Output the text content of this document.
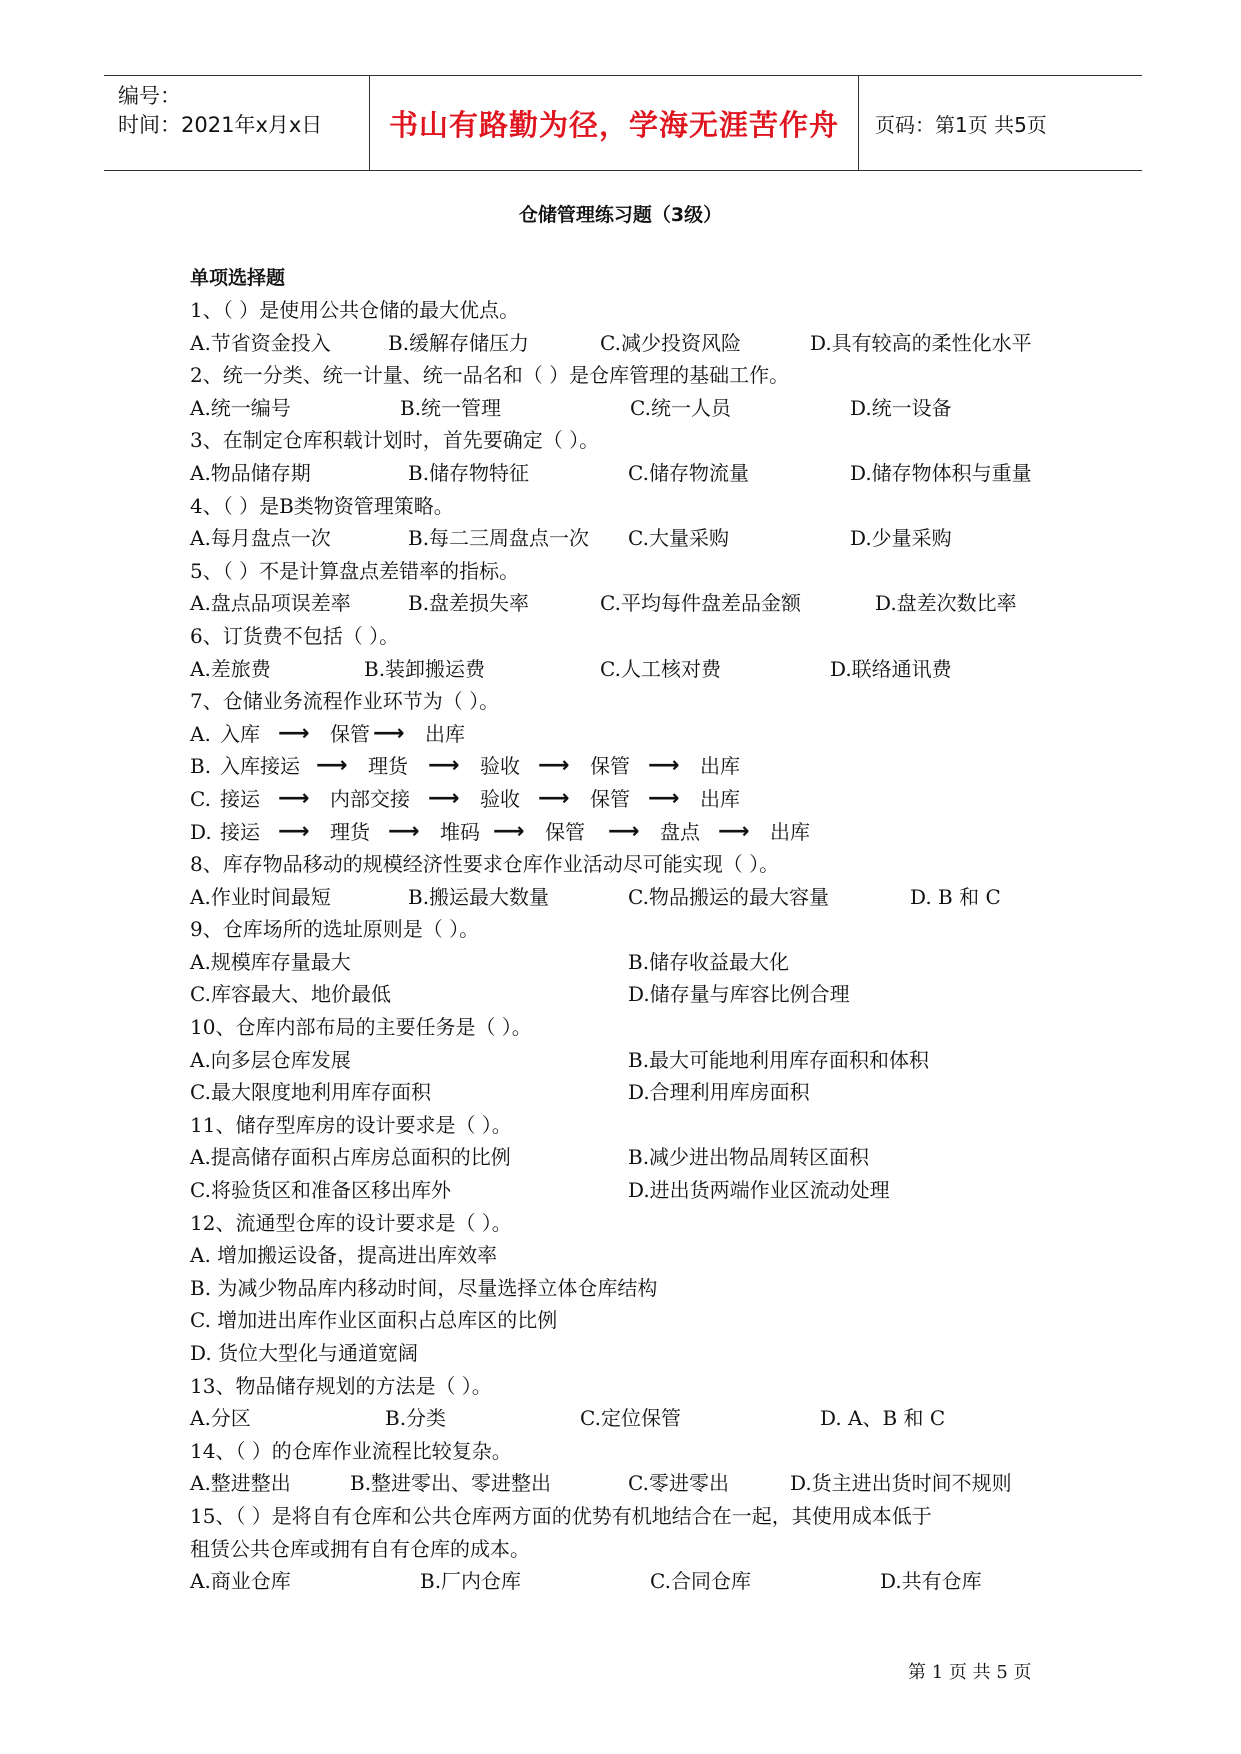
编号：
时间：2021年x月x日 书山有路勤为径，学海无涯苦作舟 页码：第1页 共5页
仓储管理练习题（3级）
单项选择题
1、（ ）是使用公共仓储的最大优点。
A.节省资金投入	B.缓解存储压力	C.减少投资风险	D.具有较高的柔性化水平
2、统一分类、统一计量、统一品名和（ ）是仓库管理的基础工作。
A.统一编号	B.统一管理	C.统一人员	D.统一设备
3、在制定仓库积载计划时，首先要确定（ ）。
A.物品储存期	B.储存物特征	C.储存物流量	D.储存物体积与重量
4、（ ）是B类物资管理策略。
A.每月盘点一次	B.每二三周盘点一次 C.大量采购	D.少量采购
5、（ ）不是计算盘点差错率的指标。
A.盘点品项误差率	B.盘差损失率	C.平均每件盘差品金额	D.盘差次数比率
6、订货费不包括（ ）。
A.差旅费	B.装卸搬运费	C.人工核对费	D.联络通讯费
7、仓储业务流程作业环节为（ ）。
A. 入库 ⟶ 保管 ⟶ 出库
B. 入库接运 ⟶ 理货 ⟶ 验收 ⟶ 保管 ⟶ 出库
C. 接运 ⟶ 内部交接 ⟶ 验收 ⟶ 保管 ⟶ 出库
D. 接运 ⟶ 理货 ⟶ 堆码 ⟶ 保管 ⟶ 盘点 ⟶ 出库
8、库存物品移动的规模经济性要求仓库作业活动尽可能实现（ ）。
A.作业时间最短	B.搬运最大数量	C.物品搬运的最大容量	D. B 和 C
9、仓库场所的选址原则是（ ）。
A.规模库存量最大	B.储存收益最大化
C.库容最大、地价最低	D.储存量与库容比例合理
10、仓库内部布局的主要任务是（ ）。
A.向多层仓库发展	B.最大可能地利用库存面积和体积
C.最大限度地利用库存面积	D.合理利用库房面积
11、储存型库房的设计要求是（ ）。
A.提高储存面积占库房总面积的比例	B.减少进出物品周转区面积
C.将验货区和准备区移出库外	D.进出货两端作业区流动处理
12、流通型仓库的设计要求是（ ）。
A. 增加搬运设备，提高进出库效率
B. 为减少物品库内移动时间，尽量选择立体仓库结构
C. 增加进出库作业区面积占总库区的比例
D. 货位大型化与通道宽阔
13、物品储存规划的方法是（ ）。
A.分区	B.分类	C.定位保管	D. A、B 和 C
14、（ ）的仓库作业流程比较复杂。
A.整进整出	B.整进零出、零进整出	C.零进零出	D.货主进出货时间不规则
15、（ ）是将自有仓库和公共仓库两方面的优势有机地结合在一起，其使用成本低于
租赁公共仓库或拥有自有仓库的成本。
A.商业仓库	B.厂内仓库	C.合同仓库	D.共有仓库
第 1 页 共 5 页
